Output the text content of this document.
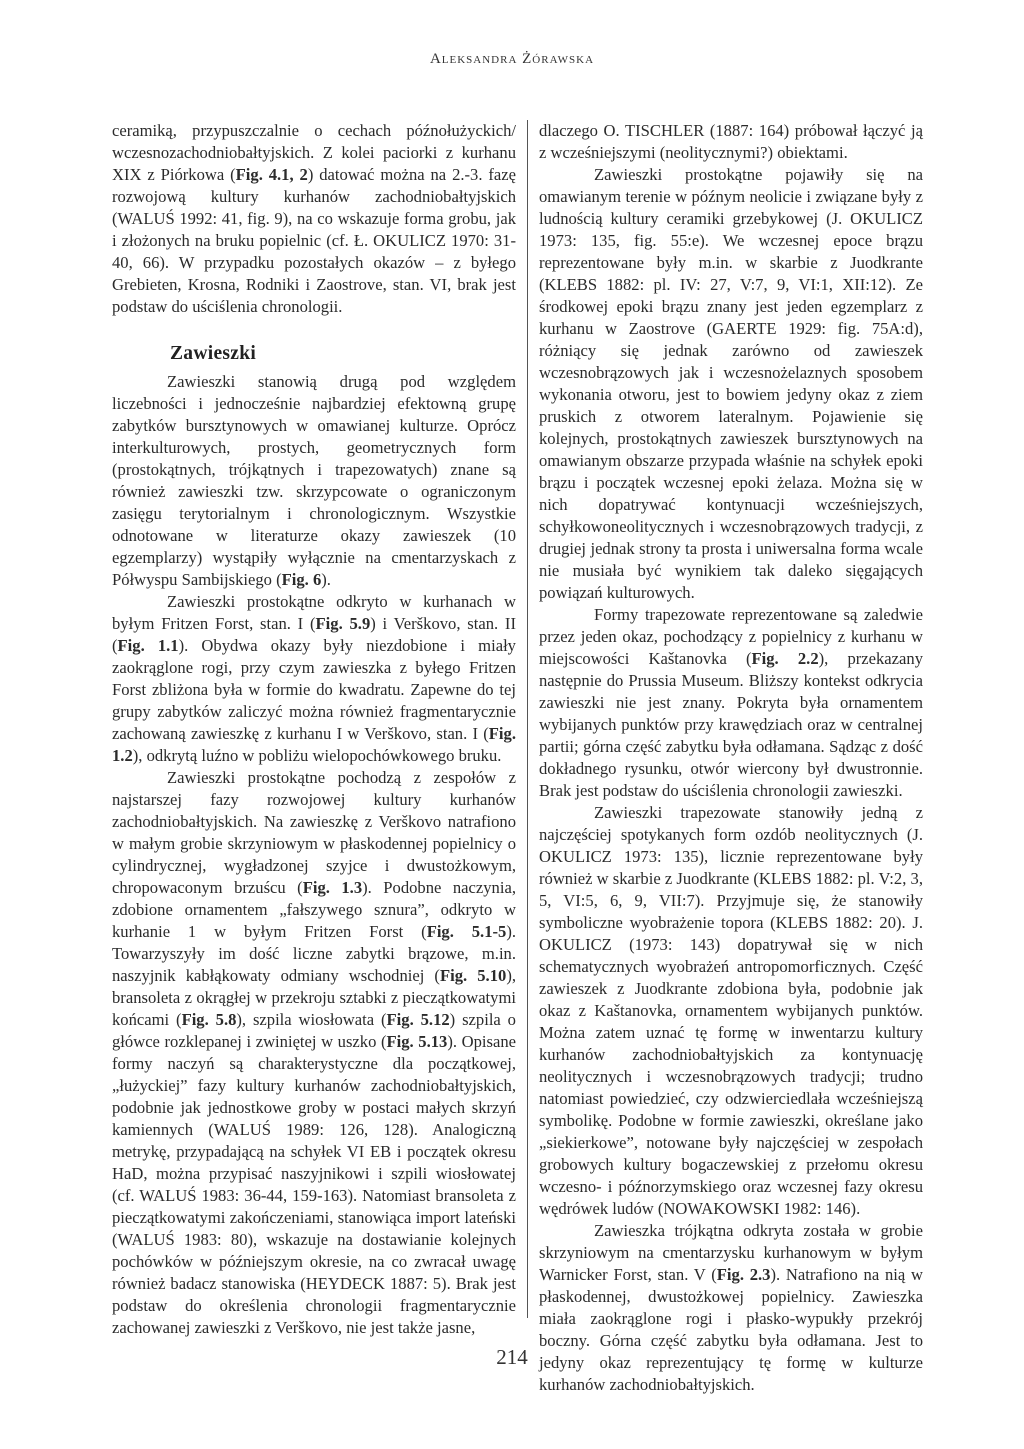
Aleksandra Żórawska

ceramiką, przypuszczalnie o cechach późnołużyckich/ wczesnozachodniobałtyjskich. Z kolei paciorki z kurhanu XIX z Piórkowa (Fig. 4.1, 2) datować można na 2.-3. fazę rozwojową kultury kurhanów zachodniobałtyjskich (WALUŚ 1992: 41, fig. 9), na co wskazuje forma grobu, jak i złożonych na bruku popielnic (cf. Ł. OKULICZ 1970: 31-40, 66). W przypadku pozostałych okazów – z byłego Grebieten, Krosna, Rodniki i Zaostrove, stan. VI, brak jest podstaw do uściślenia chronologii.

Zawieszki

Zawieszki stanowią drugą pod względem liczebności i jednocześnie najbardziej efektowną grupę zabytków bursztynowych w omawianej kulturze. Oprócz interkulturowych, prostych, geometrycznych form (prostokątnych, trójkątnych i trapezowatych) znane są również zawieszki tzw. skrzypcowate o ograniczonym zasięgu terytorialnym i chronologicznym. Wszystkie odnotowane w literaturze okazy zawieszek (10 egzemplarzy) wystąpiły wyłącznie na cmentarzyskach z Półwyspu Sambijskiego (Fig. 6).

Zawieszki prostokątne odkryto w kurhanach w byłym Fritzen Forst, stan. I (Fig. 5.9) i Verškovo, stan. II (Fig. 1.1). Obydwa okazy były niezdobione i miały zaokrąglone rogi, przy czym zawieszka z byłego Fritzen Forst zbliżona była w formie do kwadratu. Zapewne do tej grupy zabytków zaliczyć można również fragmentarycznie zachowaną zawieszkę z kurhanu I w Verškovo, stan. I (Fig. 1.2), odkrytą luźno w pobliżu wielopochówkowego bruku.

Zawieszki prostokątne pochodzą z zespołów z najstarszej fazy rozwojowej kultury kurhanów zachodniobałtyjskich. Na zawieszkę z Verškovo natrafiono w małym grobie skrzyniowym w płaskodennej popielnicy o cylindrycznej, wygładzonej szyjce i dwustożkowym, chropowaconym brzuścu (Fig. 1.3). Podobne naczynia, zdobione ornamentem „fałszywego sznura”, odkryto w kurhanie 1 w byłym Fritzen Forst (Fig. 5.1-5). Towarzyszyły im dość liczne zabytki brązowe, m.in. naszyjnik kabłąkowaty odmiany wschodniej (Fig. 5.10), bransoleta z okrągłej w przekroju sztabki z pieczątkowatymi końcami (Fig. 5.8), szpila wiosłowata (Fig. 5.12) szpila o główce rozklepanej i zwiniętej w uszko (Fig. 5.13). Opisane formy naczyń są charakterystyczne dla początkowej, „łużyckiej” fazy kultury kurhanów zachodniobałtyjskich, podobnie jak jednostkowe groby w postaci małych skrzyń kamiennych (WALUŚ 1989: 126, 128). Analogiczną metrykę, przypadającą na schyłek VI EB i początek okresu HaD, można przypisać naszyjnikowi i szpili wiosłowatej (cf. WALUŚ 1983: 36-44, 159-163). Natomiast bransoleta z pieczątkowatymi zakończeniami, stanowiąca import lateński (WALUŚ 1983: 80), wskazuje na dostawianie kolejnych pochówków w późniejszym okresie, na co zwracał uwagę również badacz stanowiska (HEYDECK 1887: 5). Brak jest podstaw do określenia chronologii fragmentarycznie zachowanej zawieszki z Verškovo, nie jest także jasne,

dlaczego O. TISCHLER (1887: 164) próbował łączyć ją z wcześniejszymi (neolitycznymi?) obiektami.

Zawieszki prostokątne pojawiły się na omawianym terenie w późnym neolicie i związane były z ludnością kultury ceramiki grzebykowej (J. OKULICZ 1973: 135, fig. 55:e). We wczesnej epoce brązu reprezentowane były m.in. w skarbie z Juodkrante (KLEBS 1882: pl. IV: 27, V:7, 9, VI:1, XII:12). Ze środkowej epoki brązu znany jest jeden egzemplarz z kurhanu w Zaostrove (GAERTE 1929: fig. 75A:d), różniący się jednak zarówno od zawieszek wczesnobrązowych jak i wczesnożelaznych sposobem wykonania otworu, jest to bowiem jedyny okaz z ziem pruskich z otworem lateralnym. Pojawienie się kolejnych, prostokątnych zawieszek bursztynowych na omawianym obszarze przypada właśnie na schyłek epoki brązu i początek wczesnej epoki żelaza. Można się w nich dopatrywać kontynuacji wcześniejszych, schyłkowoneolitycznych i wczesnobrązowych tradycji, z drugiej jednak strony ta prosta i uniwersalna forma wcale nie musiała być wynikiem tak daleko sięgających powiązań kulturowych.

Formy trapezowate reprezentowane są zaledwie przez jeden okaz, pochodzący z popielnicy z kurhanu w miejscowości Kaštanovka (Fig. 2.2), przekazany następnie do Prussia Museum. Bliższy kontekst odkrycia zawieszki nie jest znany. Pokryta była ornamentem wybijanych punktów przy krawędziach oraz w centralnej partii; górna część zabytku była odłamana. Sądząc z dość dokładnego rysunku, otwór wiercony był dwustronnie. Brak jest podstaw do uściślenia chronologii zawieszki.

Zawieszki trapezowate stanowiły jedną z najczęściej spotykanych form ozdób neolitycznych (J. OKULICZ 1973: 135), licznie reprezentowane były również w skarbie z Juodkrante (KLEBS 1882: pl. V:2, 3, 5, VI:5, 6, 9, VII:7). Przyjmuje się, że stanowiły symboliczne wyobrażenie topora (KLEBS 1882: 20). J. OKULICZ (1973: 143) dopatrywał się w nich schematycznych wyobrażeń antropomorficznych. Część zawieszek z Juodkrante zdobiona była, podobnie jak okaz z Kaštanovka, ornamentem wybijanych punktów. Można zatem uznać tę formę w inwentarzu kultury kurhanów zachodniobałtyjskich za kontynuację neolitycznych i wczesnobrązowych tradycji; trudno natomiast powiedzieć, czy odzwierciedlała wcześniejszą symbolikę. Podobne w formie zawieszki, określane jako „siekierkowe”, notowane były najczęściej w zespołach grobowych kultury bogaczewskiej z przełomu okresu wczesno- i późnorzymskiego oraz wczesnej fazy okresu wędrówek ludów (NOWAKOWSKI 1982: 146).

Zawieszka trójkątna odkryta została w grobie skrzyniowym na cmentarzysku kurhanowym w byłym Warnicker Forst, stan. V (Fig. 2.3). Natrafiono na nią w płaskodennej, dwustożkowej popielnicy. Zawieszka miała zaokrąglone rogi i płasko-wypukły przekrój boczny. Górna część zabytku była odłamana. Jest to jedyny okaz reprezentujący tę formę w kulturze kurhanów zachodniobałtyjskich.

214
